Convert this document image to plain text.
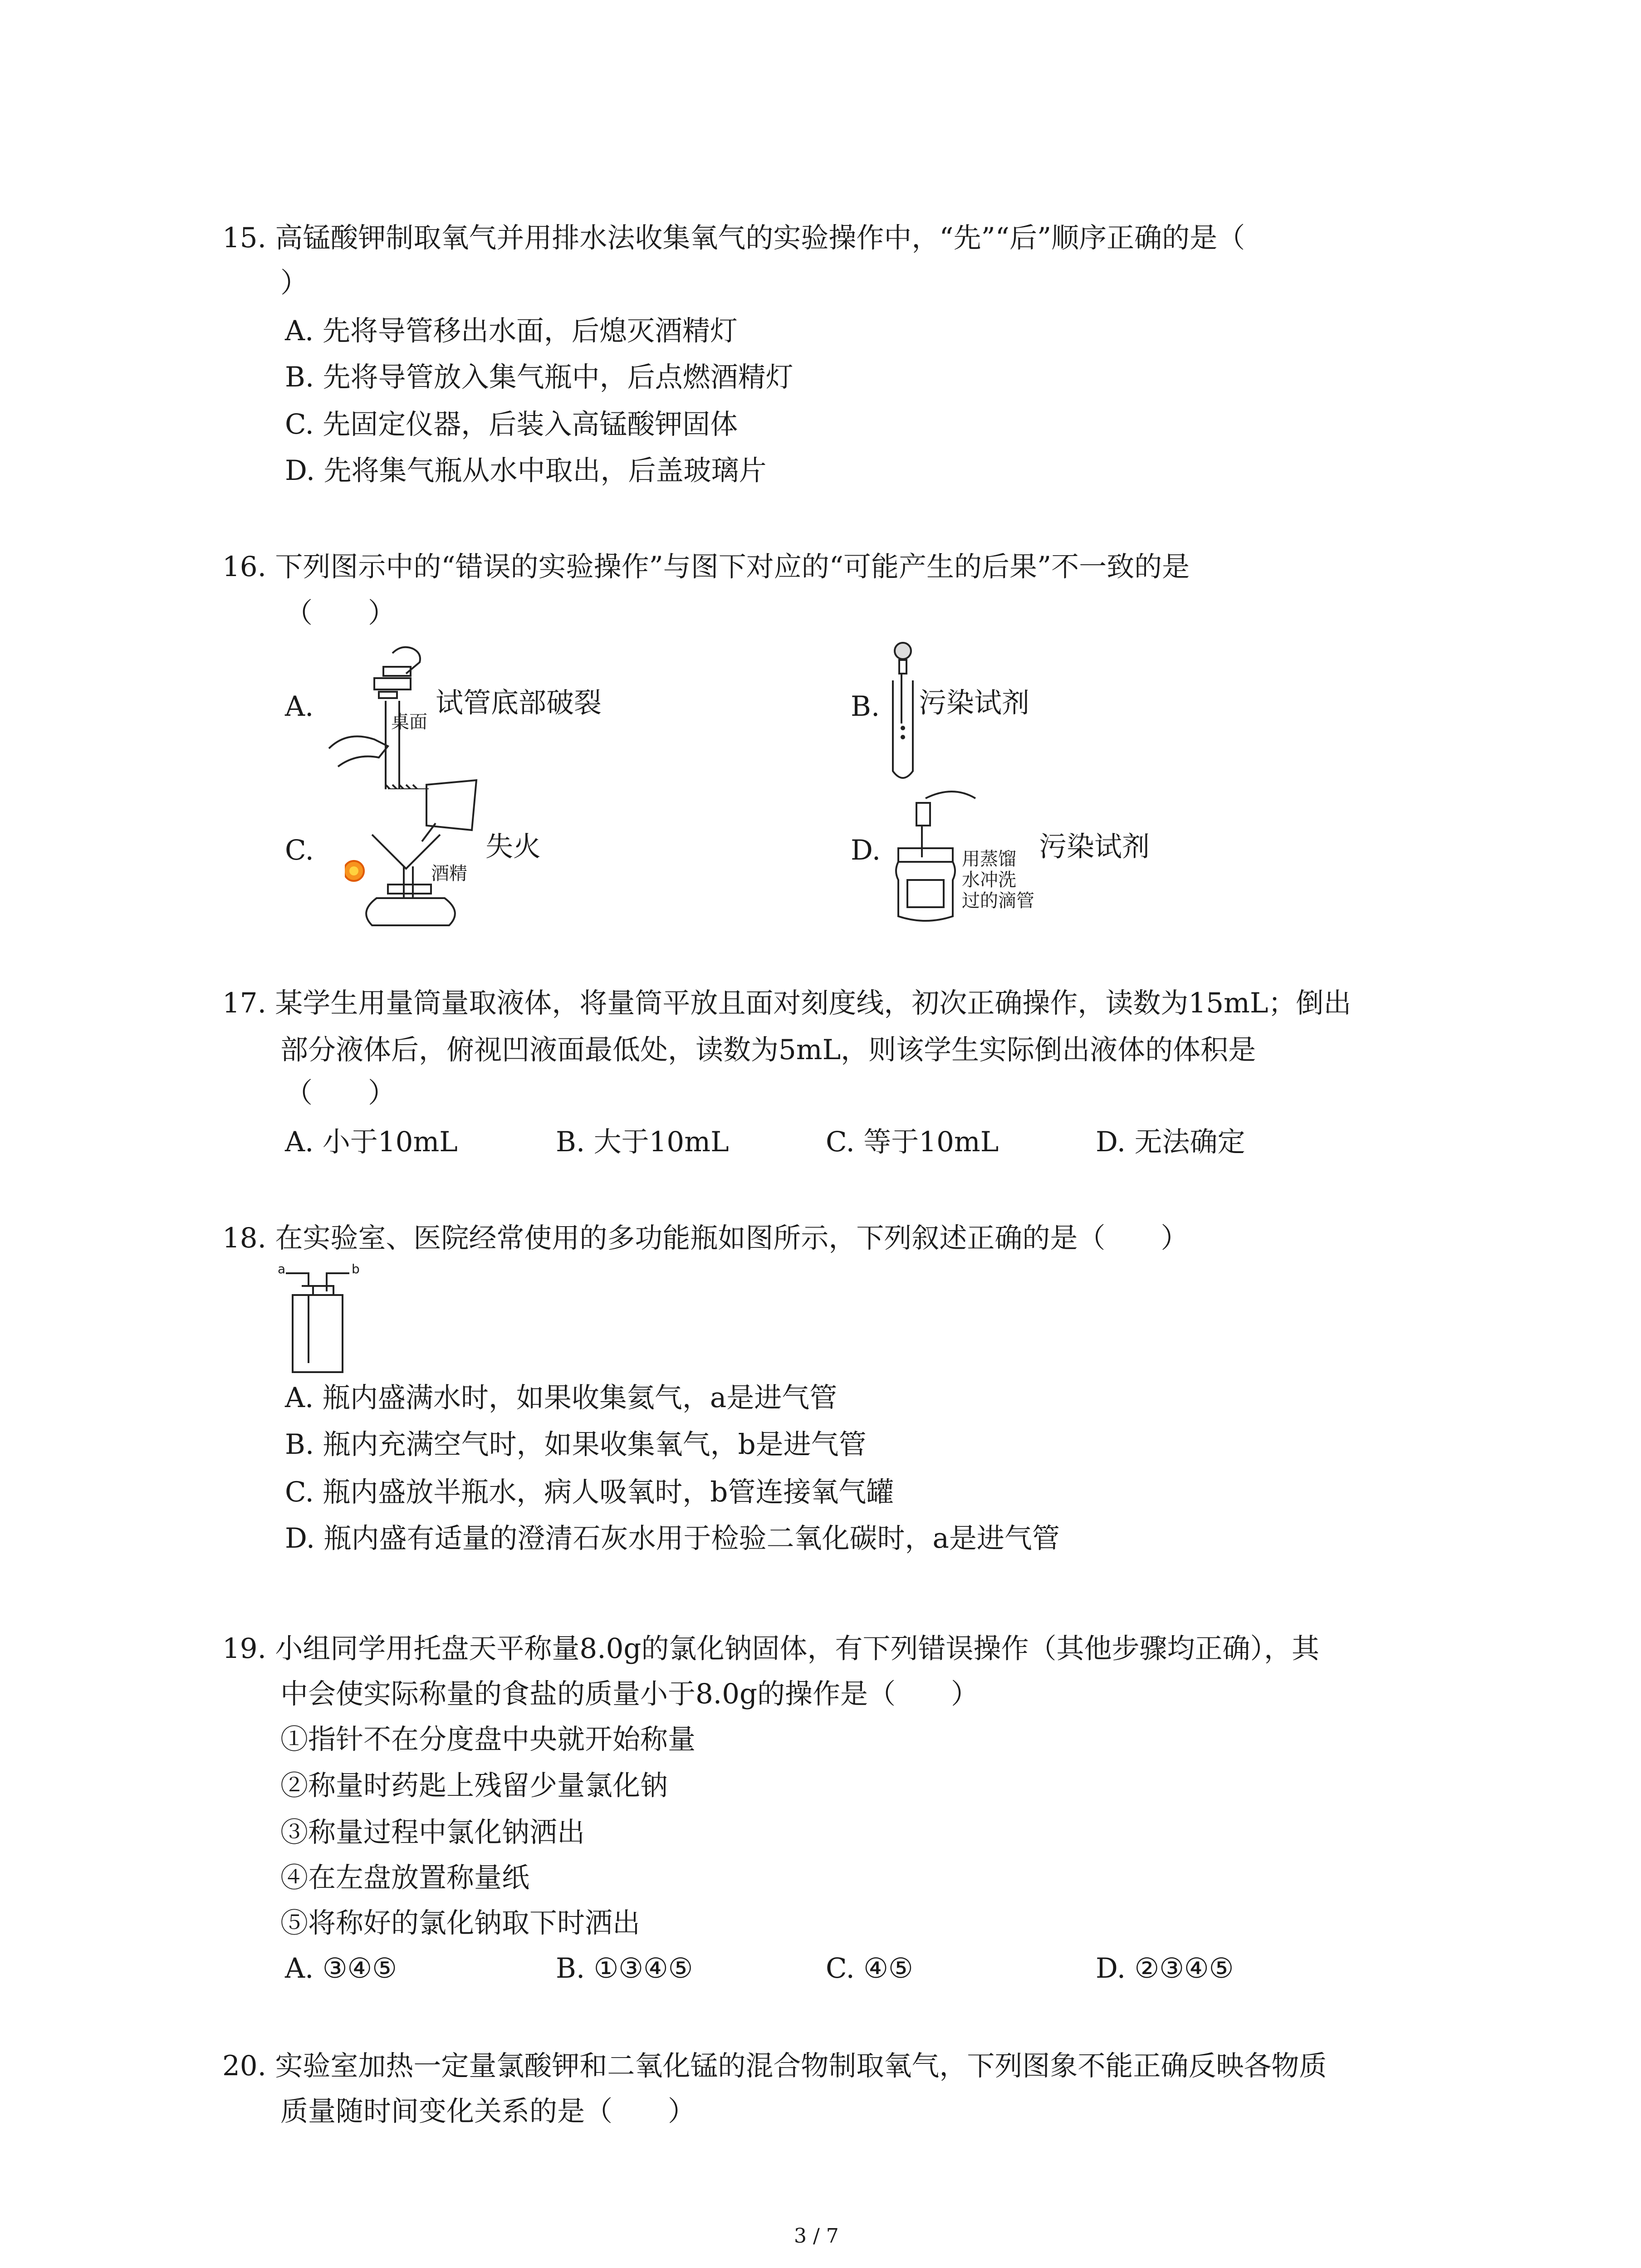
15. 高锰酸钾制取氧气并用排水法收集氧气的实验操作中，“先”“后”顺序正确的是（
）
A. 先将导管移出水面，后熄灭酒精灯
B. 先将导管放入集气瓶中，后点燃酒精灯
C. 先固定仪器，后装入高锰酸钾固体
D. 先将集气瓶从水中取出，后盖玻璃片
16. 下列图示中的“错误的实验操作”与图下对应的“可能产生的后果”不一致的是
（　　）
A.	桌面
试管底部破裂	B. 污染试剂
C.
酒精
失火	D.	用蒸馏
水冲洗
过的滴管
污染试剂
17. 某学生用量筒量取液体，将量筒平放且面对刻度线，初次正确操作，读数为15mL；倒出
部分液体后，俯视凹液面最低处，读数为5mL，则该学生实际倒出液体的体积是
（　　）
A. 小于10mL	B. 大于10mL	C. 等于10mL	D. 无法确定
18. 在实验室、医院经常使用的多功能瓶如图所示，下列叙述正确的是（　　）
a	b
A. 瓶内盛满水时，如果收集氦气，a是进气管
B. 瓶内充满空气时，如果收集氧气，b是进气管
C. 瓶内盛放半瓶水，病人吸氧时，b管连接氧气罐
D. 瓶内盛有适量的澄清石灰水用于检验二氧化碳时，a是进气管
19. 小组同学用托盘天平称量8.0g的氯化钠固体，有下列错误操作（其他步骤均正确），其
中会使实际称量的食盐的质量小于8.0g的操作是（　　）
①指针不在分度盘中央就开始称量
②称量时药匙上残留少量氯化钠
③称量过程中氯化钠洒出
④在左盘放置称量纸
⑤将称好的氯化钠取下时洒出
A. ③④⑤	B. ①③④⑤	C. ④⑤	D. ②③④⑤
20. 实验室加热一定量氯酸钾和二氧化锰的混合物制取氧气，下列图象不能正确反映各物质
质量随时间变化关系的是（　　）
3 / 7
